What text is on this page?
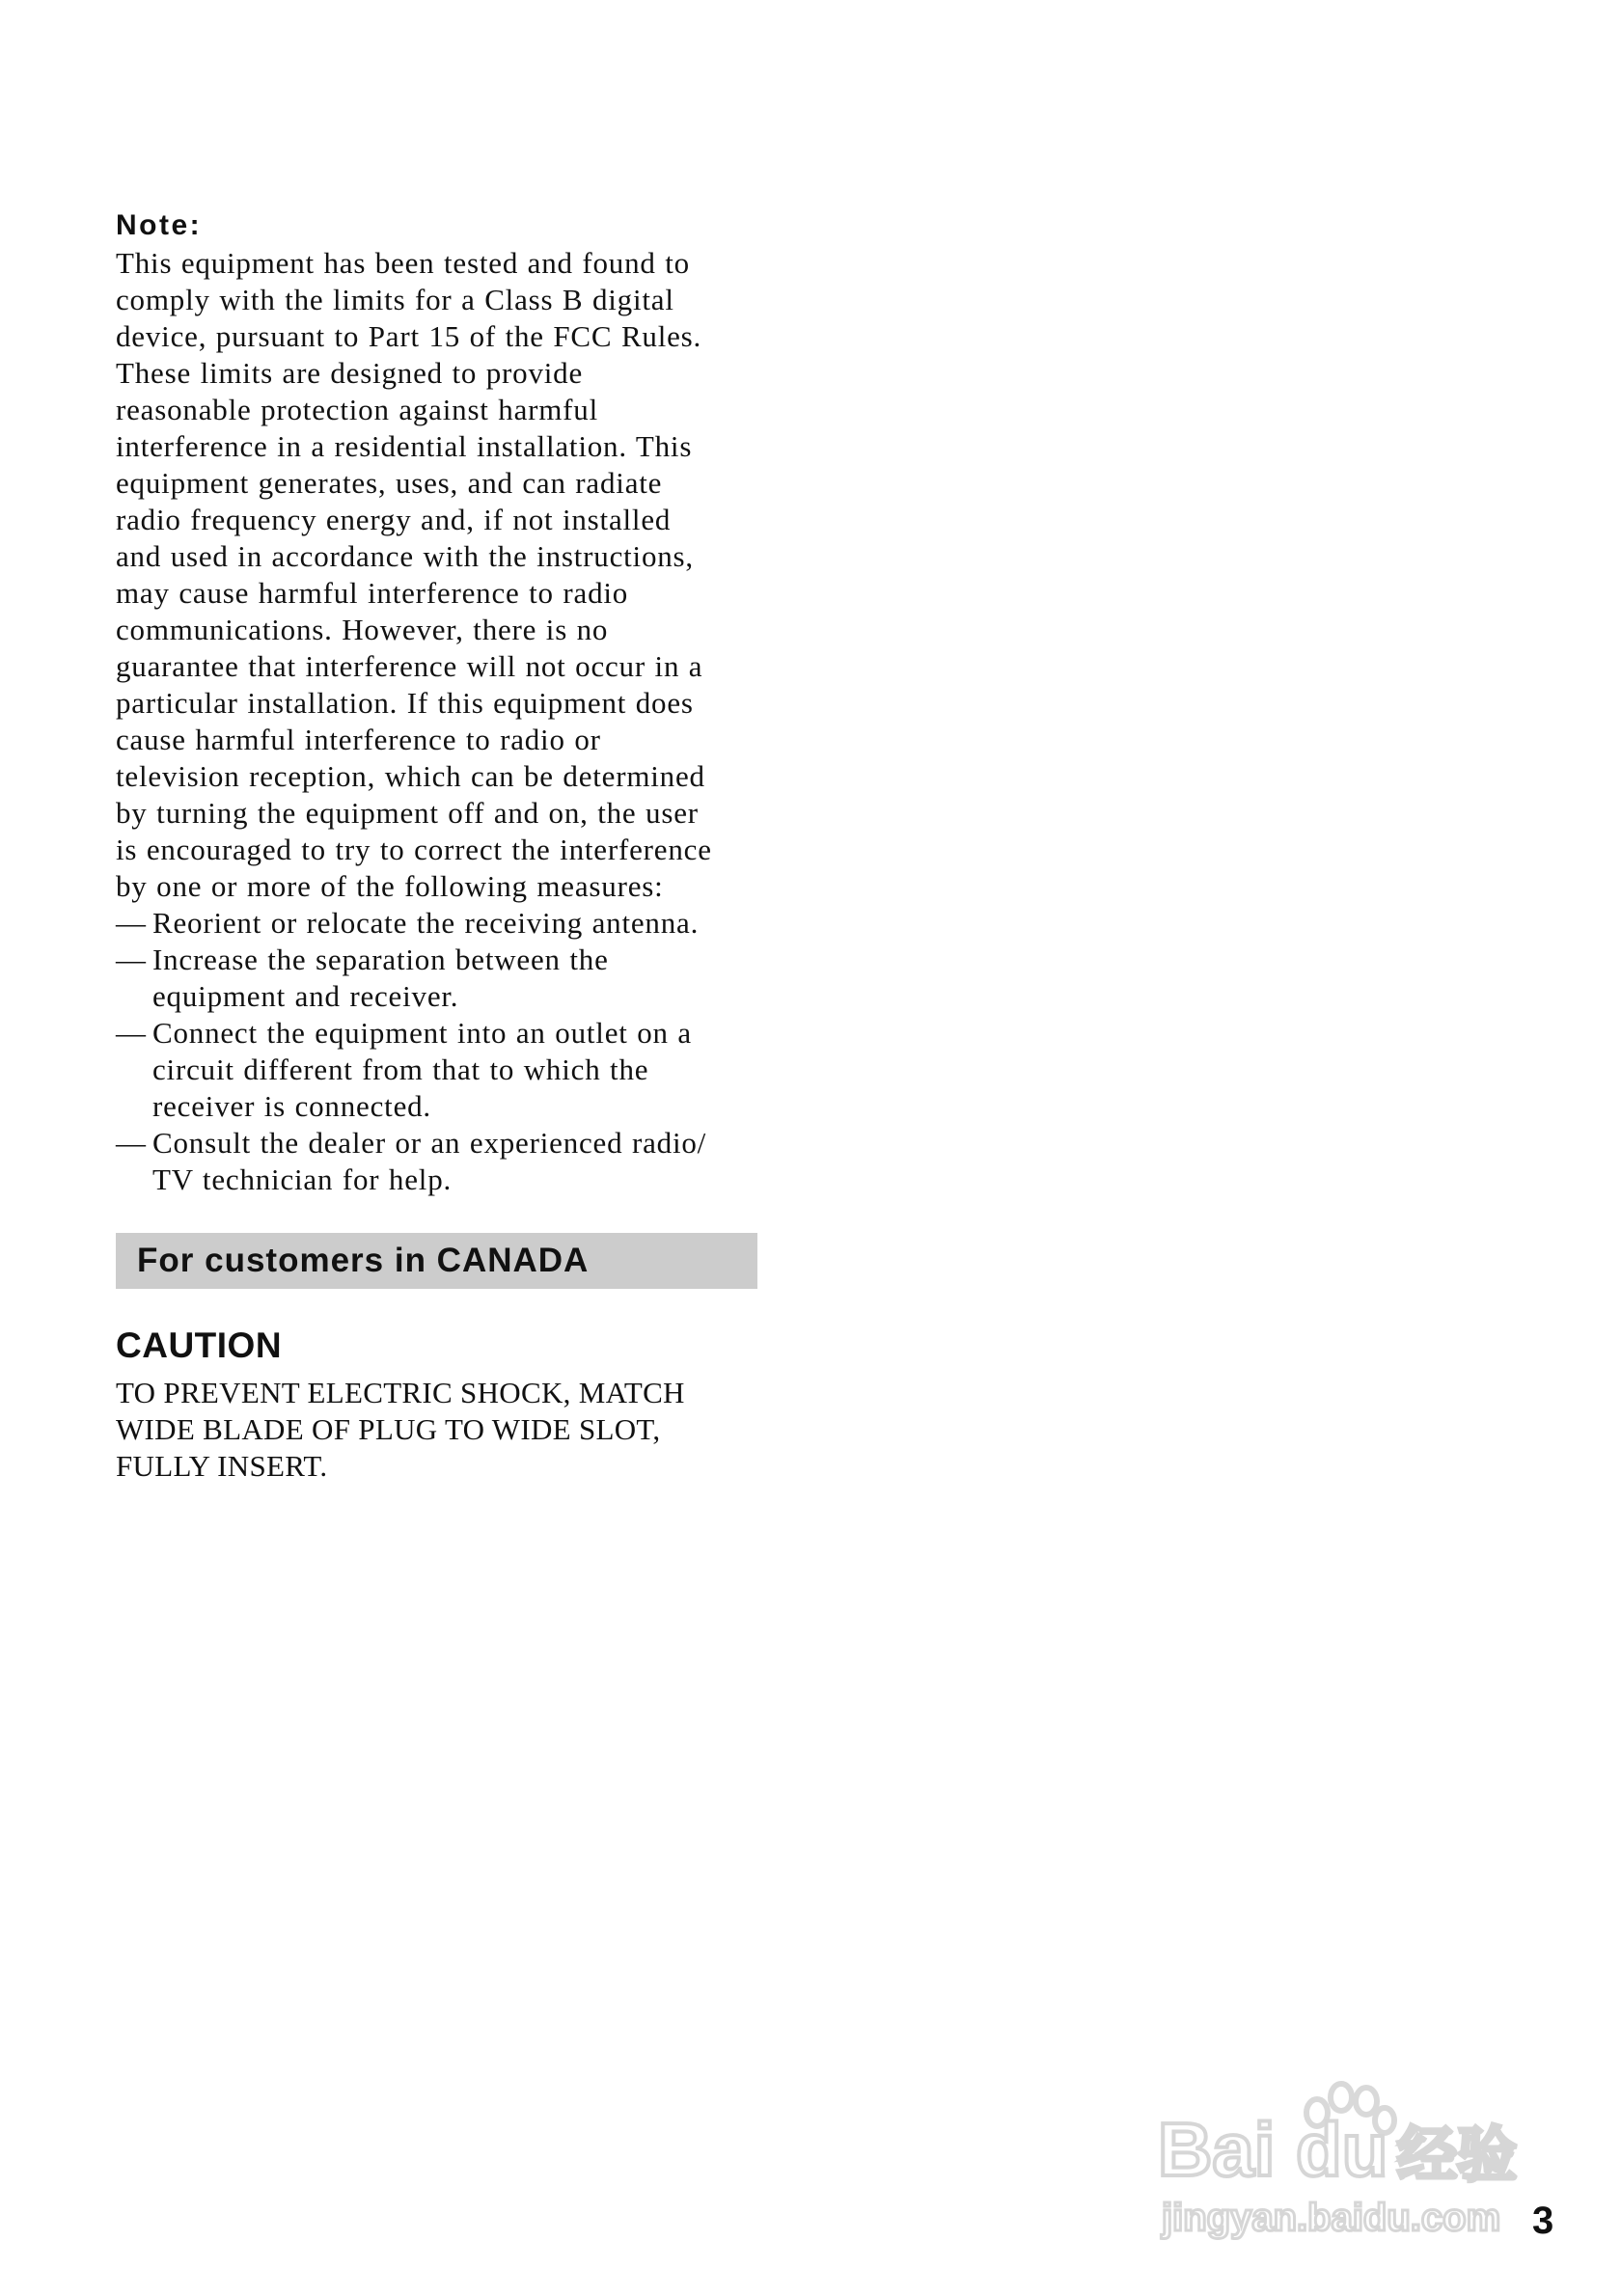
Note:
This equipment has been tested and found to
comply with the limits for a Class B digital
device, pursuant to Part 15 of the FCC Rules.
These limits are designed to provide
reasonable protection against harmful
interference in a residential installation. This
equipment generates, uses, and can radiate
radio frequency energy and, if not installed
and used in accordance with the instructions,
may cause harmful interference to radio
communications. However, there is no
guarantee that interference will not occur in a
particular installation. If this equipment does
cause harmful interference to radio or
television reception, which can be determined
by turning the equipment off and on, the user
is encouraged to try to correct the interference
by one or more of the following measures:
— Reorient or relocate the receiving antenna.
— Increase the separation between the
equipment and receiver.
— Connect the equipment into an outlet on a
circuit different from that to which the
receiver is connected.
— Consult the dealer or an experienced radio/
TV technician for help.
For customers in CANADA
CAUTION
TO PREVENT ELECTRIC SHOCK, MATCH
WIDE BLADE OF PLUG TO WIDE SLOT,
FULLY INSERT.
Bai du 经验
jingyan.baidu.com 3
